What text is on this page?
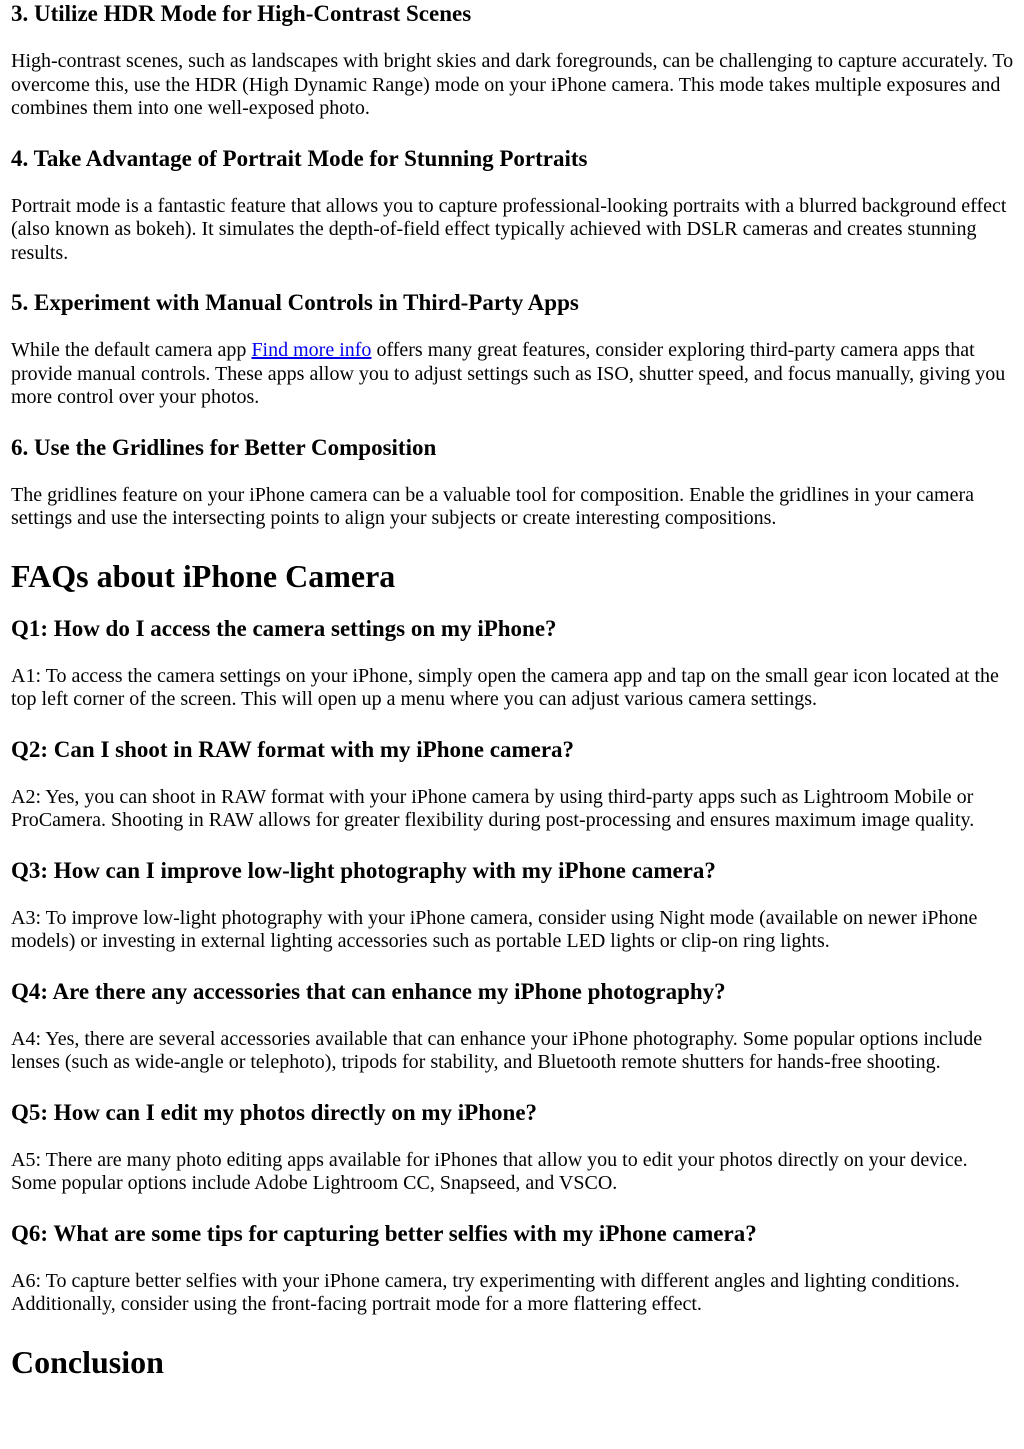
3. Utilize HDR Mode for High-Contrast Scenes

High-contrast scenes, such as landscapes with bright skies and dark foregrounds, can be challenging to capture accurately. To overcome this, use the HDR (High Dynamic Range) mode on your iPhone camera. This mode takes multiple exposures and combines them into one well-exposed photo.

4. Take Advantage of Portrait Mode for Stunning Portraits

Portrait mode is a fantastic feature that allows you to capture professional-looking portraits with a blurred background effect (also known as bokeh). It simulates the depth-of-field effect typically achieved with DSLR cameras and creates stunning results.

5. Experiment with Manual Controls in Third-Party Apps

While the default camera app Find more info offers many great features, consider exploring third-party camera apps that provide manual controls. These apps allow you to adjust settings such as ISO, shutter speed, and focus manually, giving you more control over your photos.

6. Use the Gridlines for Better Composition

The gridlines feature on your iPhone camera can be a valuable tool for composition. Enable the gridlines in your camera settings and use the intersecting points to align your subjects or create interesting compositions.

FAQs about iPhone Camera
Q1: How do I access the camera settings on my iPhone?

A1: To access the camera settings on your iPhone, simply open the camera app and tap on the small gear icon located at the top left corner of the screen. This will open up a menu where you can adjust various camera settings.

Q2: Can I shoot in RAW format with my iPhone camera?

A2: Yes, you can shoot in RAW format with your iPhone camera by using third-party apps such as Lightroom Mobile or ProCamera. Shooting in RAW allows for greater flexibility during post-processing and ensures maximum image quality.

Q3: How can I improve low-light photography with my iPhone camera?

A3: To improve low-light photography with your iPhone camera, consider using Night mode (available on newer iPhone models) or investing in external lighting accessories such as portable LED lights or clip-on ring lights.

Q4: Are there any accessories that can enhance my iPhone photography?

A4: Yes, there are several accessories available that can enhance your iPhone photography. Some popular options include lenses (such as wide-angle or telephoto), tripods for stability, and Bluetooth remote shutters for hands-free shooting.

Q5: How can I edit my photos directly on my iPhone?

A5: There are many photo editing apps available for iPhones that allow you to edit your photos directly on your device. Some popular options include Adobe Lightroom CC, Snapseed, and VSCO.

Q6: What are some tips for capturing better selfies with my iPhone camera?

A6: To capture better selfies with your iPhone camera, try experimenting with different angles and lighting conditions. Additionally, consider using the front-facing portrait mode for a more flattering effect.

Conclusion
